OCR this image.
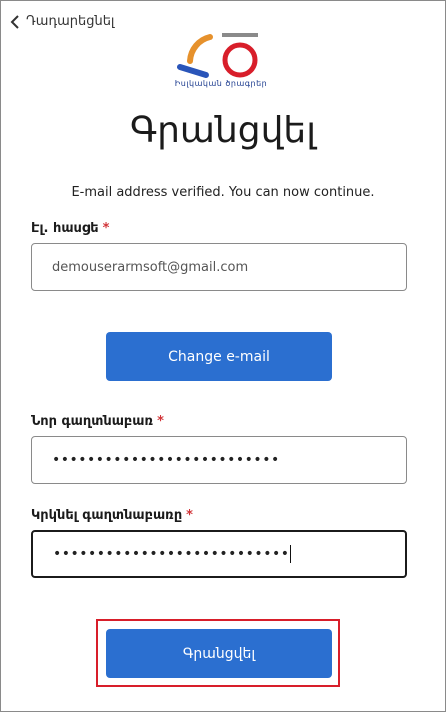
Դադարեցնել
Իսլկական ծրագրեր
Գրանցվել
E-mail address verified. You can now continue.
Էլ. հասցե *
demouserarmsoft@gmail.com
Change e-mail
Նոր գաղտնաբառ *
••••••••••••••••••••••••••
Կրկնել գաղտնաբառը *
•••••••••••••••••••••••••••
Գրանցվել
